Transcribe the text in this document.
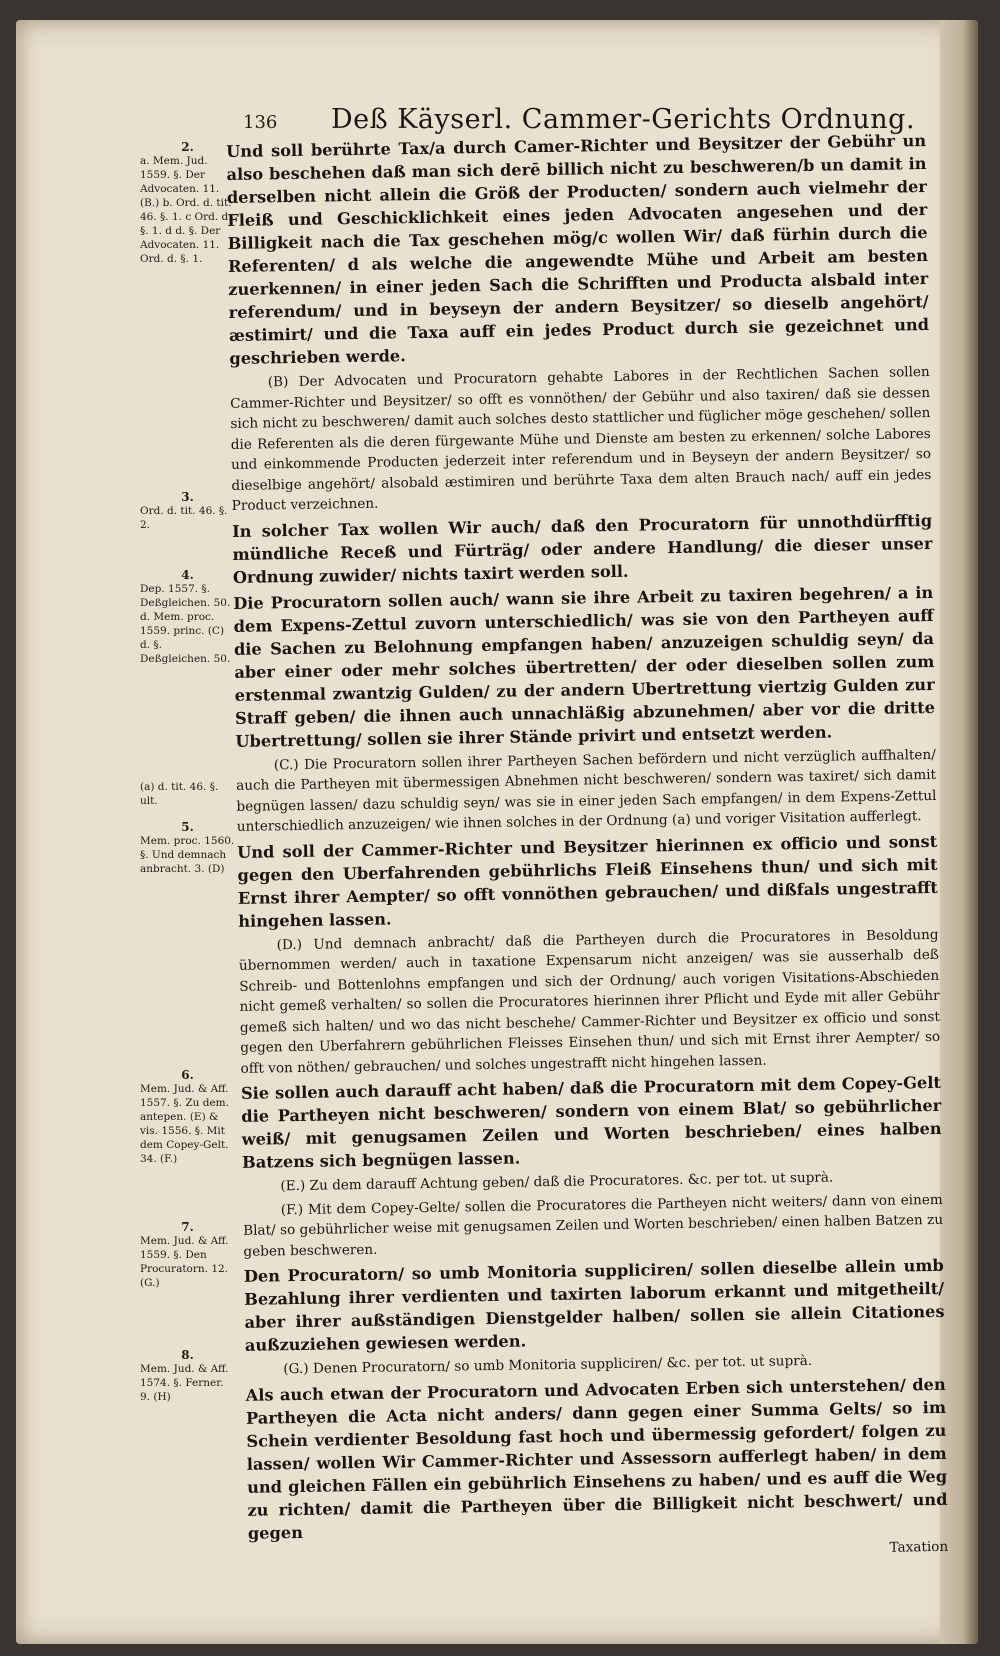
136 Deß Käyserl. Cammer-Gerichts Ordnung.
2.
a. Mem. Jud. 1559. §. Der Advocaten. 11. (B.) b. Ord. d. tit. 46. §. 1. c Ord. d. §. 1. d d. §. Der Advocaten. 11. Ord. d. §. 1.
3.
Ord. d. tit. 46. §. 2.
4.
Dep. 1557. §. Deßgleichen. 50. d. Mem. proc. 1559. princ. (C) d. §. Deßgleichen. 50.
(a) d. tit. 46. §. ult.
5.
Mem. proc. 1560. §. Und demnach anbracht. 3. (D)
6.
Mem. Jud. & Aff. 1557. §. Zu dem. antepen. (E) & vis. 1556. §. Mit dem Copey-Gelt. 34. (F.)
7.
Mem. Jud. & Aff. 1559. §. Den Procuratorn. 12. (G.)
8.
Mem. Jud. & Aff. 1574. §. Ferner. 9. (H)

Und soll berührte Tax/a durch Camer-Richter und Beysitzer der Gebühr un also beschehen daß man sich derē billich nicht zu beschweren/b un damit in derselben nicht allein die Größ der Producten/ sondern auch vielmehr der Fleiß und Geschicklichkeit eines jeden Advocaten angesehen und der Billigkeit nach die Tax geschehen mög/c wollen Wir/ daß fürhin durch die Referenten/ d als welche die angewendte Mühe und Arbeit am besten zuerkennen/ in einer jeden Sach die Schrifften und Producta alsbald inter referendum/ und in beyseyn der andern Beysitzer/ so dieselb angehört/ æstimirt/ und die Taxa auff ein jedes Product durch sie gezeichnet und geschrieben werde.

(B) Der Advocaten und Procuratorn gehabte Labores in der Rechtlichen Sachen sollen Cammer-Richter und Beysitzer/ so offt es vonnöthen/ der Gebühr und also taxiren/ daß sie dessen sich nicht zu beschweren/ damit auch solches desto stattlicher und füglicher möge geschehen/ sollen die Referenten als die deren fürgewante Mühe und Dienste am besten zu erkennen/ solche Labores und einkommende Producten jederzeit inter referendum und in Beyseyn der andern Beysitzer/ so dieselbige angehört/ alsobald æstimiren und berührte Taxa dem alten Brauch nach/ auff ein jedes Product verzeichnen.

In solcher Tax wollen Wir auch/ daß den Procuratorn für unnothdürfftig mündliche Receß und Fürträg/ oder andere Handlung/ die dieser unser Ordnung zuwider/ nichts taxirt werden soll.

Die Procuratorn sollen auch/ wann sie ihre Arbeit zu taxiren begehren/ a in dem Expens-Zettul zuvorn unterschiedlich/ was sie von den Partheyen auff die Sachen zu Belohnung empfangen haben/ anzuzeigen schuldig seyn/ da aber einer oder mehr solches übertretten/ der oder dieselben sollen zum erstenmal zwantzig Gulden/ zu der andern Ubertrettung viertzig Gulden zur Straff geben/ die ihnen auch unnachläßig abzunehmen/ aber vor die dritte Ubertrettung/ sollen sie ihrer Stände privirt und entsetzt werden.

(C.) Die Procuratorn sollen ihrer Partheyen Sachen befördern und nicht verzüglich auffhalten/ auch die Partheyen mit übermessigen Abnehmen nicht beschweren/ sondern was taxiret/ sich damit begnügen lassen/ dazu schuldig seyn/ was sie in einer jeden Sach empfangen/ in dem Expens-Zettul unterschiedlich anzuzeigen/ wie ihnen solches in der Ordnung (a) und voriger Visitation aufferlegt.

Und soll der Cammer-Richter und Beysitzer hierinnen ex officio und sonst gegen den Uberfahrenden gebührlichs Fleiß Einsehens thun/ und sich mit Ernst ihrer Aempter/ so offt vonnöthen gebrauchen/ und dißfals ungestrafft hingehen lassen.

(D.) Und demnach anbracht/ daß die Partheyen durch die Procuratores in Besoldung übernommen werden/ auch in taxatione Expensarum nicht anzeigen/ was sie ausserhalb deß Schreib- und Bottenlohns empfangen und sich der Ordnung/ auch vorigen Visitations-Abschieden nicht gemeß verhalten/ so sollen die Procuratores hierinnen ihrer Pflicht und Eyde mit aller Gebühr gemeß sich halten/ und wo das nicht beschehe/ Cammer-Richter und Beysitzer ex officio und sonst gegen den Uberfahrern gebührlichen Fleisses Einsehen thun/ und sich mit Ernst ihrer Aempter/ so offt von nöthen/ gebrauchen/ und solches ungestrafft nicht hingehen lassen.

Sie sollen auch darauff acht haben/ daß die Procuratorn mit dem Copey-Gelt die Partheyen nicht beschweren/ sondern von einem Blat/ so gebührlicher weiß/ mit genugsamen Zeilen und Worten beschrieben/ eines halben Batzens sich begnügen lassen.

(E.) Zu dem darauff Achtung geben/ daß die Procuratores. &c. per tot. ut suprà.

(F.) Mit dem Copey-Gelte/ sollen die Procuratores die Partheyen nicht weiters/ dann von einem Blat/ so gebührlicher weise mit genugsamen Zeilen und Worten beschrieben/ einen halben Batzen zu geben beschweren.

Den Procuratorn/ so umb Monitoria suppliciren/ sollen dieselbe allein umb Bezahlung ihrer verdienten und taxirten laborum erkannt und mitgetheilt/ aber ihrer außständigen Dienstgelder halben/ sollen sie allein Citationes außzuziehen gewiesen werden.

(G.) Denen Procuratorn/ so umb Monitoria suppliciren/ &c. per tot. ut suprà.

Als auch etwan der Procuratorn und Advocaten Erben sich unterstehen/ den Partheyen die Acta nicht anders/ dann gegen einer Summa Gelts/ so im Schein verdienter Besoldung fast hoch und übermessig gefordert/ folgen zu lassen/ wollen Wir Cammer-Richter und Assessorn aufferlegt haben/ in dem und gleichen Fällen ein gebührlich Einsehens zu haben/ und es auff die Weg zu richten/ damit die Partheyen über die Billigkeit nicht beschwert/ und gegen

Taxation
